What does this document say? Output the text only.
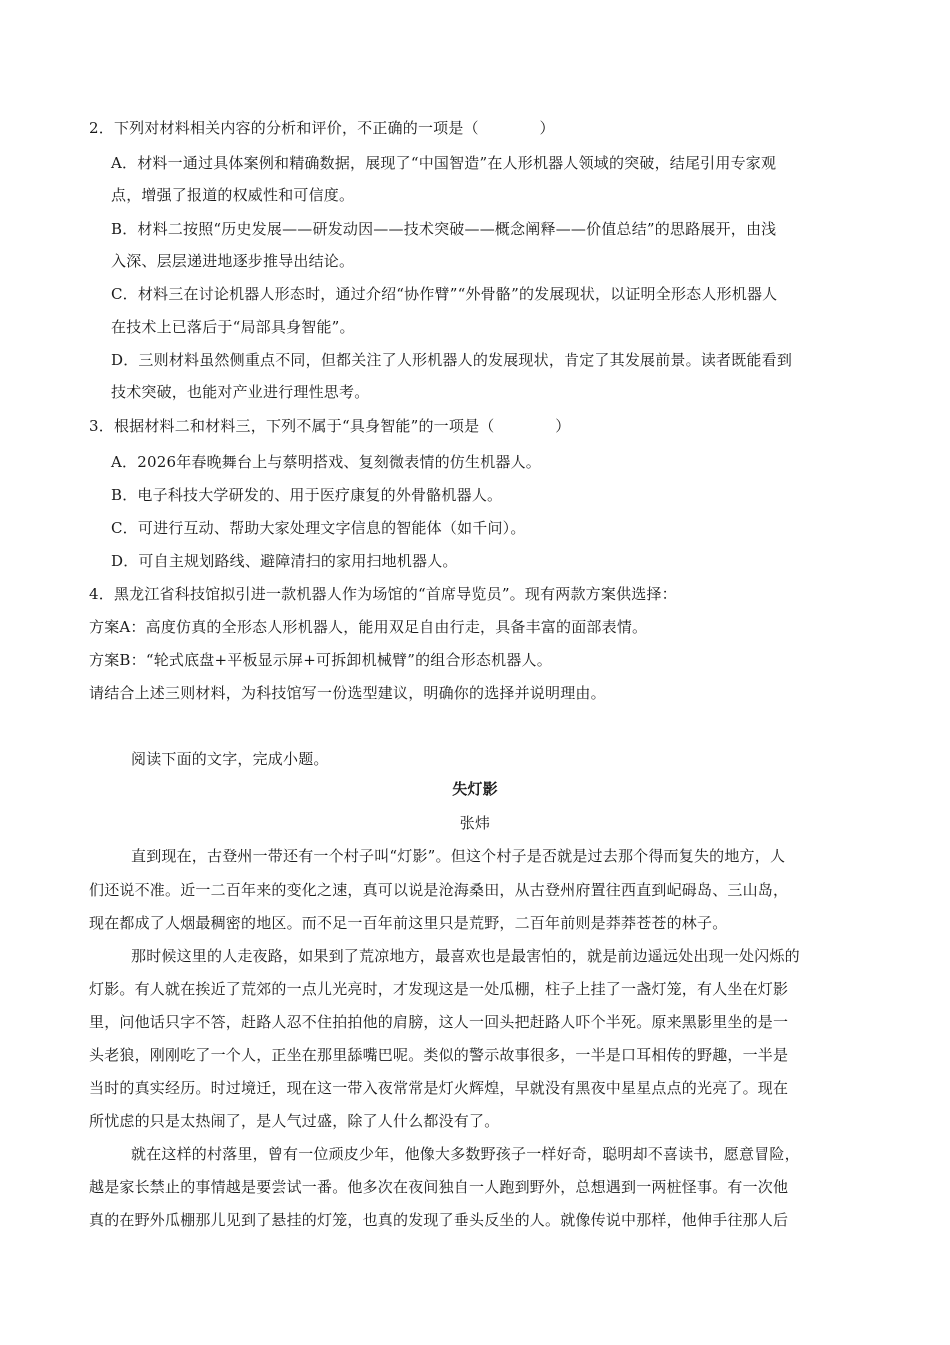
2．下列对材料相关内容的分析和评价，不正确的一项是（　　　　）
A．材料一通过具体案例和精确数据，展现了“中国智造”在人形机器人领域的突破，结尾引用专家观
点，增强了报道的权威性和可信度。
B．材料二按照“历史发展——研发动因——技术突破——概念阐释——价值总结”的思路展开，由浅
入深、层层递进地逐步推导出结论。
C．材料三在讨论机器人形态时，通过介绍“协作臂”“外骨骼”的发展现状，以证明全形态人形机器人
在技术上已落后于“局部具身智能”。
D．三则材料虽然侧重点不同，但都关注了人形机器人的发展现状，肯定了其发展前景。读者既能看到
技术突破，也能对产业进行理性思考。
3．根据材料二和材料三，下列不属于“具身智能”的一项是（　　　　）
A．2026年春晚舞台上与蔡明搭戏、复刻微表情的仿生机器人。
B．电子科技大学研发的、用于医疗康复的外骨骼机器人。
C．可进行互动、帮助大家处理文字信息的智能体（如千问）。
D．可自主规划路线、避障清扫的家用扫地机器人。
4．黑龙江省科技馆拟引进一款机器人作为场馆的“首席导览员”。现有两款方案供选择：
方案A：高度仿真的全形态人形机器人，能用双足自由行走，具备丰富的面部表情。
方案B：“轮式底盘+平板显示屏+可拆卸机械臂”的组合形态机器人。
请结合上述三则材料，为科技馆写一份选型建议，明确你的选择并说明理由。
阅读下面的文字，完成小题。
失灯影
张炜
直到现在，古登州一带还有一个村子叫“灯影”。但这个村子是否就是过去那个得而复失的地方，人
们还说不准。近一二百年来的变化之速，真可以说是沧海桑田，从古登州府置往西直到屺砪岛、三山岛，
现在都成了人烟最稠密的地区。而不足一百年前这里只是荒野，二百年前则是莽莽苍苍的林子。
那时候这里的人走夜路，如果到了荒凉地方，最喜欢也是最害怕的，就是前边遥远处出现一处闪烁的
灯影。有人就在挨近了荒郊的一点儿光亮时，才发现这是一处瓜棚，柱子上挂了一盏灯笼，有人坐在灯影
里，问他话只字不答，赶路人忍不住拍拍他的肩膀，这人一回头把赶路人吓个半死。原来黑影里坐的是一
头老狼，刚刚吃了一个人，正坐在那里舔嘴巴呢。类似的警示故事很多，一半是口耳相传的野趣，一半是
当时的真实经历。时过境迁，现在这一带入夜常常是灯火辉煌，早就没有黑夜中星星点点的光亮了。现在
所忧虑的只是太热闹了，是人气过盛，除了人什么都没有了。
就在这样的村落里，曾有一位顽皮少年，他像大多数野孩子一样好奇，聪明却不喜读书，愿意冒险，
越是家长禁止的事情越是要尝试一番。他多次在夜间独自一人跑到野外，总想遇到一两桩怪事。有一次他
真的在野外瓜棚那儿见到了悬挂的灯笼，也真的发现了垂头反坐的人。就像传说中那样，他伸手往那人后
